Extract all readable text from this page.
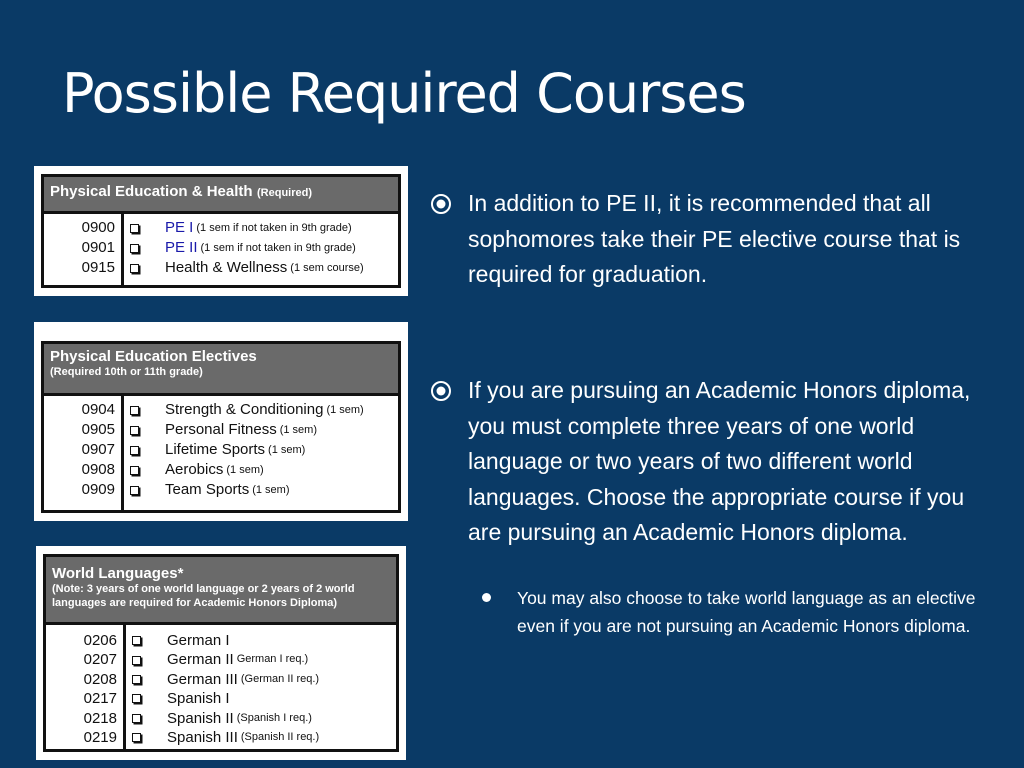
Possible Required Courses
Physical Education & Health (Required)
0900
0901
0915
PE I (1 sem if not taken in 9th grade)
PE II (1 sem if not taken in 9th grade)
Health & Wellness (1 sem course)
Physical Education Electives
(Required 10th or 11th grade)
0904
0905
0907
0908
0909
Strength & Conditioning (1 sem)
Personal Fitness (1 sem)
Lifetime Sports (1 sem)
Aerobics (1 sem)
Team Sports (1 sem)
World Languages*
(Note: 3 years of one world language or 2 years of 2 world
languages are required for Academic Honors Diploma)
0206
0207
0208
0217
0218
0219
German I
German II German I req.)
German III (German II req.)
Spanish I
Spanish II (Spanish I req.)
Spanish III (Spanish II req.)
In addition to PE II, it is recommended that all sophomores take their PE elective course that is required for graduation.
If you are pursuing an Academic Honors diploma, you must complete three years of one world language or two years of two different world languages. Choose the appropriate course if you are pursuing an Academic Honors diploma.
You may also choose to take world language as an elective even if you are not pursuing an Academic Honors diploma.
